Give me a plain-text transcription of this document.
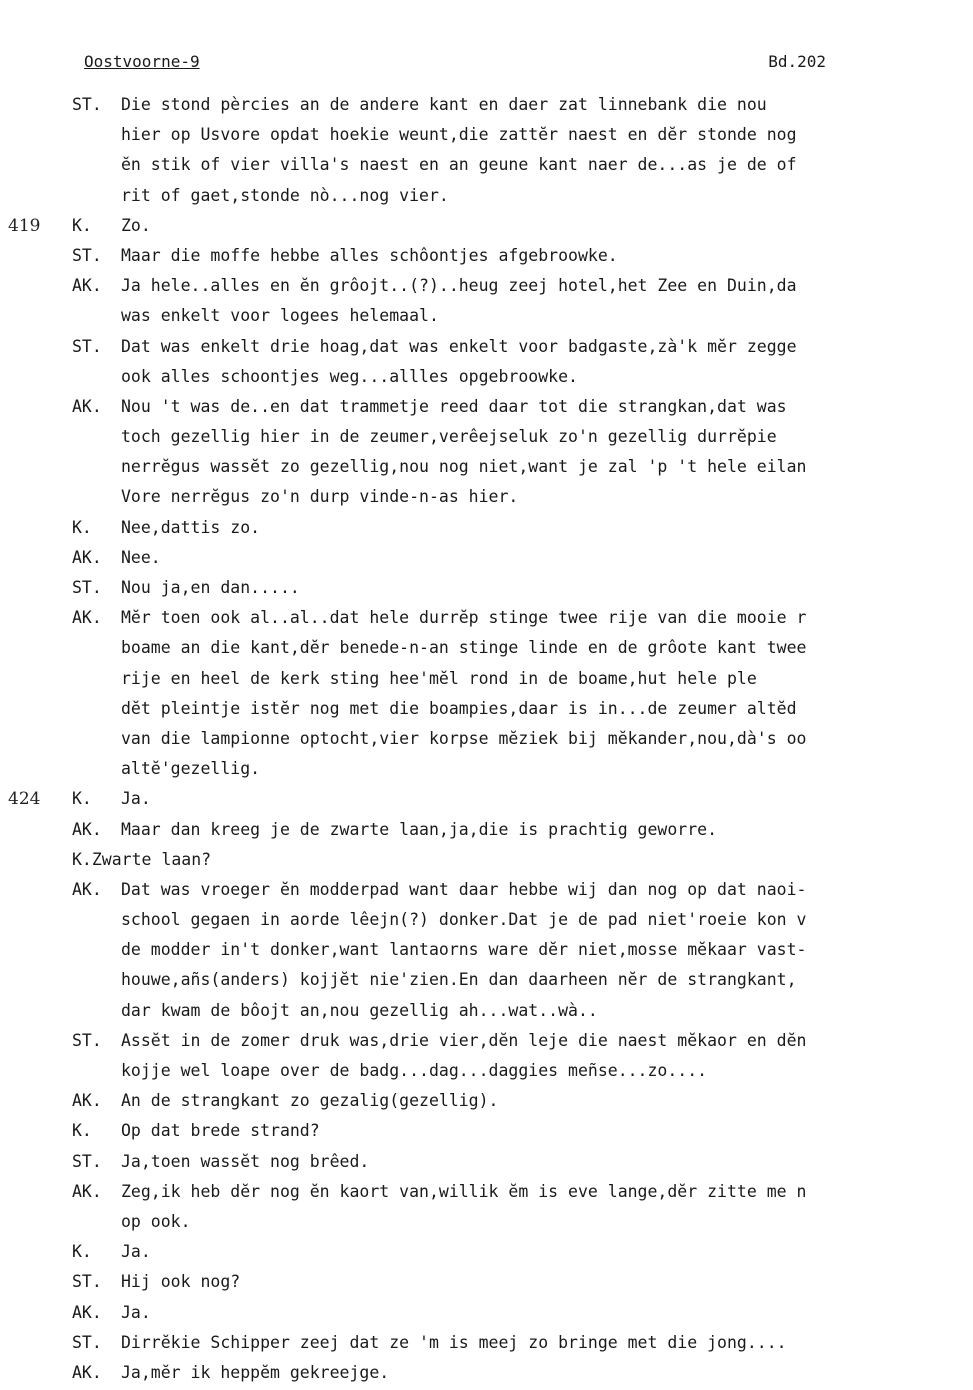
Oostvoorne-9	Bd.202
ST. Die stond pèrcies an de andere kant en daer zat linnebank die nou
hier op Usvore opdat hoekie weunt,die zattĕr naest en dĕr stonde nog
ĕn stik of vier villa's naest en an geune kant naer de...as je de of
rit of gaet,stonde nò...nog vier.
419 K. Zo.
ST. Maar die moffe hebbe alles schôontjes afgebroowke.
AK. Ja hele..alles en ĕn grôojt..(?)..heug zeej hotel,het Zee en Duin,da
was enkelt voor logees helemaal.
ST. Dat was enkelt drie hoag,dat was enkelt voor badgaste,zà'k mĕr zegge
ook alles schoontjes weg...allles opgebroowke.
AK. Nou 't was de..en dat trammetje reed daar tot die strangkan,dat was
toch gezellig hier in de zeumer,verêejseluk zo'n gezellig durrĕpie
nerrĕgus wassĕt zo gezellig,nou nog niet,want je zal 'p 't hele eilan
Vore nerrĕgus zo'n durp vinde-n-as hier.
K. Nee,dattis zo.
AK. Nee.
ST. Nou ja,en dan.....
AK. Mĕr toen ook al..al..dat hele durrĕp stinge twee rije van die mooie r
boame an die kant,dĕr benede-n-an stinge linde en de grôote kant twee
rije en heel de kerk sting hee'mĕl rond in de boame,hut hele ple
dĕt pleintje istĕr nog met die boampies,daar is in...de zeumer altĕd
van die lampionne optocht,vier korpse mĕziek bij mĕkander,nou,dà's oo
altĕ'gezellig.
424 K. Ja.
AK. Maar dan kreeg je de zwarte laan,ja,die is prachtig geworre.
K.Zwarte laan?
AK. Dat was vroeger ĕn modderpad want daar hebbe wij dan nog op dat naoi-
school gegaen in aorde lêejn(?) donker.Dat je de pad niet'roeie kon v
de modder in't donker,want lantaorns ware dĕr niet,mosse mĕkaar vast-
houwe,añs(anders) kojjĕt nie'zien.En dan daarheen nĕr de strangkant,
dar kwam de bôojt an,nou gezellig ah...wat..wà..
ST. Assĕt in de zomer druk was,drie vier,dĕn leje die naest mĕkaor en dĕn
kojje wel loape over de badg...dag...daggies meñse...zo....
AK. An de strangkant zo gezalig(gezellig).
K. Op dat brede strand?
ST. Ja,toen wassĕt nog brêed.
AK. Zeg,ik heb dĕr nog ĕn kaort van,willik ĕm is eve lange,dĕr zitte me n
op ook.
K. Ja.
ST. Hij ook nog?
AK. Ja.
ST. Dirrĕkie Schipper zeej dat ze 'm is meej zo bringe met die jong....
AK. Ja,mĕr ik heppĕm gekreejge.
